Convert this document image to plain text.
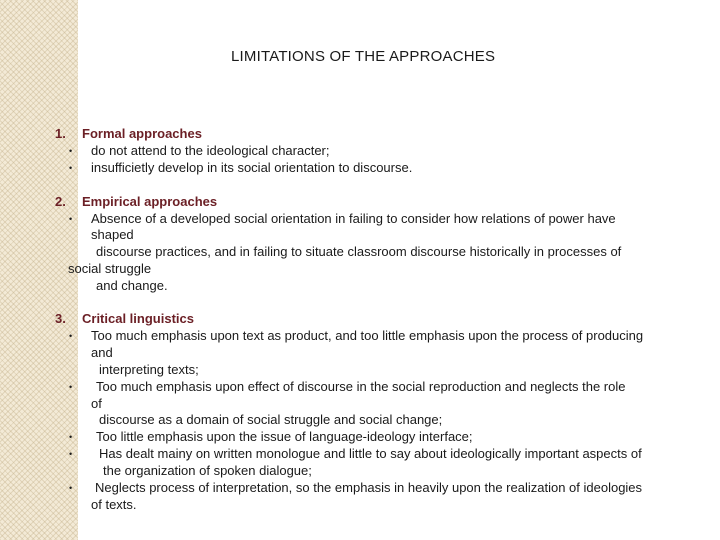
LIMITATIONS OF THE APPROACHES
1. Formal approaches
• do not attend to the ideological character;
• insufficietly develop in its social orientation to discourse.
2. Empirical approaches
• Absence of a developed social orientation in failing to consider how relations of power have
shaped
discourse practices, and in failing to situate classroom discourse historically in processes of
social struggle
and change.
3. Critical linguistics
• Too much emphasis upon text as product, and too little emphasis upon the process of producing
and
interpreting texts;
• Too much emphasis upon effect of discourse in the social reproduction and neglects the role
of
discourse as a domain of social struggle and social change;
• Too little emphasis upon the issue of language-ideology interface;
• Has dealt mainy on written monologue and little to say about ideologically important aspects of
the organization of spoken dialogue;
• Neglects process of interpretation, so the emphasis in heavily upon the realization of ideologies
of texts.
